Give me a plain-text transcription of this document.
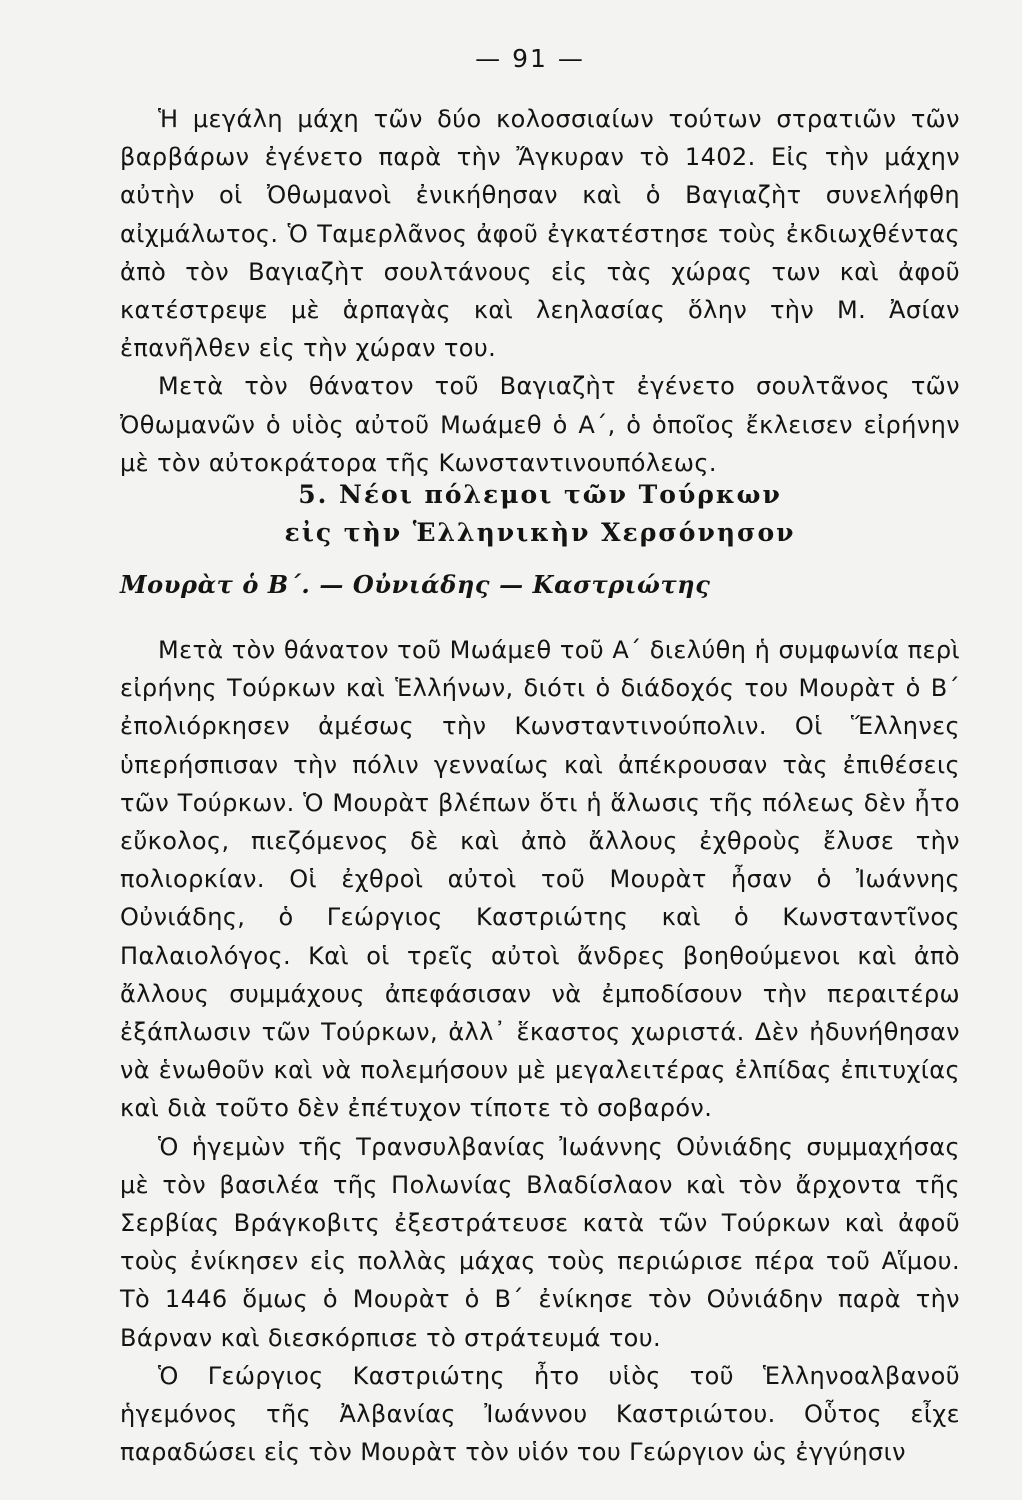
— 91 —

Ἡ μεγάλη μάχη τῶν δύο κολοσσιαίων τούτων στρατιῶν τῶν βαρβάρων ἐγένετο παρὰ τὴν Ἄγκυραν τὸ 1402. Εἰς τὴν μάχην αὐτὴν οἱ Ὀθωμανοὶ ἐνικήθησαν καὶ ὁ Βαγιαζὴτ συνελήφθη αἰχμάλωτος. Ὁ Ταμερλᾶνος ἀφοῦ ἐγκατέστησε τοὺς ἐκδιωχθέντας ἀπὸ τὸν Βαγιαζὴτ σουλτάνους εἰς τὰς χώρας των καὶ ἀφοῦ κατέστρεψε μὲ ἁρπαγὰς καὶ λεηλασίας ὅλην τὴν Μ. Ἀσίαν ἐπανῆλθεν εἰς τὴν χώραν του.

Μετὰ τὸν θάνατον τοῦ Βαγιαζὴτ ἐγένετο σουλτᾶνος τῶν Ὀθωμανῶν ὁ υἱὸς αὐτοῦ Μωάμεθ ὁ Α΄, ὁ ὁποῖος ἔκλεισεν εἰρήνην μὲ τὸν αὐτοκράτορα τῆς Κωνσταντινουπόλεως.

5. Νέοι πόλεμοι τῶν Τούρκων
εἰς τὴν Ἑλληνικὴν Χερσόνησον
Μουρὰτ ὁ Β΄. — Οὐνιάδης — Καστριώτης

Μετὰ τὸν θάνατον τοῦ Μωάμεθ τοῦ Α΄ διελύθη ἡ συμφωνία περὶ εἰρήνης Τούρκων καὶ Ἑλλήνων, διότι ὁ διάδοχός του Μουρὰτ ὁ Β΄ ἐπολιόρκησεν ἀμέσως τὴν Κωνσταντινούπολιν. Οἱ Ἕλληνες ὑπερήσπισαν τὴν πόλιν γενναίως καὶ ἀπέκρουσαν τὰς ἐπιθέσεις τῶν Τούρκων. Ὁ Μουρὰτ βλέπων ὅτι ἡ ἅλωσις τῆς πόλεως δὲν ἦτο εὔκολος, πιεζόμενος δὲ καὶ ἀπὸ ἄλλους ἐχθροὺς ἔλυσε τὴν πολιορκίαν. Οἱ ἐχθροὶ αὐτοὶ τοῦ Μουρὰτ ἦσαν ὁ Ἰωάννης Οὐνιάδης, ὁ Γεώργιος Καστριώτης καὶ ὁ Κωνσταντῖνος Παλαιολόγος. Καὶ οἱ τρεῖς αὐτοὶ ἄνδρες βοηθούμενοι καὶ ἀπὸ ἄλλους συμμάχους ἀπεφάσισαν νὰ ἐμποδίσουν τὴν περαιτέρω ἐξάπλωσιν τῶν Τούρκων, ἀλλ᾿ ἕκαστος χωριστά. Δὲν ἠδυνήθησαν νὰ ἑνωθοῦν καὶ νὰ πολεμήσουν μὲ μεγαλειτέρας ἐλπίδας ἐπιτυχίας καὶ διὰ τοῦτο δὲν ἐπέτυχον τίποτε τὸ σοβαρόν.

Ὁ ἡγεμὼν τῆς Τρανσυλβανίας Ἰωάννης Οὐνιάδης συμμαχήσας μὲ τὸν βασιλέα τῆς Πολωνίας Βλαδίσλαον καὶ τὸν ἄρχοντα τῆς Σερβίας Βράγκοβιτς ἐξεστράτευσε κατὰ τῶν Τούρκων καὶ ἀφοῦ τοὺς ἐνίκησεν εἰς πολλὰς μάχας τοὺς περιώρισε πέρα τοῦ Αἵμου. Τὸ 1446 ὅμως ὁ Μουρὰτ ὁ Β΄ ἐνίκησε τὸν Οὐνιάδην παρὰ τὴν Βάρναν καὶ διεσκόρπισε τὸ στράτευμά του.

Ὁ Γεώργιος Καστριώτης ἦτο υἱὸς τοῦ Ἑλληνοαλβανοῦ ἡγεμόνος τῆς Ἀλβανίας Ἰωάννου Καστριώτου. Οὗτος εἶχε παραδώσει εἰς τὸν Μουρὰτ τὸν υἱόν του Γεώργιον ὡς ἐγγύησιν
